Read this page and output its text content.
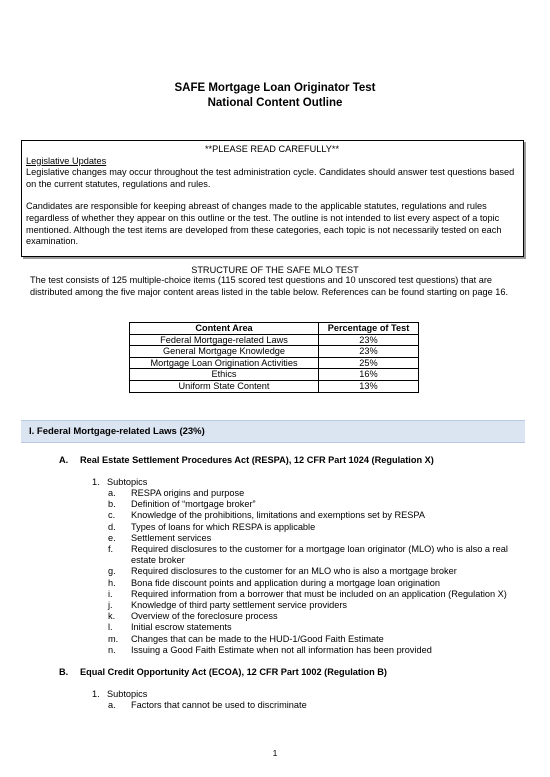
SAFE Mortgage Loan Originator Test
National Content Outline
**PLEASE READ CAREFULLY**
Legislative Updates

Legislative changes may occur throughout the test administration cycle. Candidates should answer test questions based on the current statutes, regulations and rules.

Candidates are responsible for keeping abreast of changes made to the applicable statutes, regulations and rules regardless of whether they appear on this outline or the test. The outline is not intended to list every aspect of a topic mentioned. Although the test items are developed from these categories, each topic is not necessarily tested on each examination.

STRUCTURE OF THE SAFE MLO TEST
The test consists of 125 multiple-choice items (115 scored test questions and 10 unscored test questions) that are distributed among the five major content areas listed in the table below. References can be found starting on page 16.
Content Area	Percentage of Test
Federal Mortgage-related Laws	23%
General Mortgage Knowledge	23%
Mortgage Loan Origination Activities	25%
Ethics	16%
Uniform State Content	13%
I. Federal Mortgage-related Laws (23%)
A. Real Estate Settlement Procedures Act (RESPA), 12 CFR Part 1024 (Regulation X)
1. Subtopics
a. RESPA origins and purpose
b. Definition of “mortgage broker”
c. Knowledge of the prohibitions, limitations and exemptions set by RESPA
d. Types of loans for which RESPA is applicable
e. Settlement services
f. Required disclosures to the customer for a mortgage loan originator (MLO) who is also a real estate broker
g. Required disclosures to the customer for an MLO who is also a mortgage broker
h. Bona fide discount points and application during a mortgage loan origination
i. Required information from a borrower that must be included on an application (Regulation X)
j. Knowledge of third party settlement service providers
k. Overview of the foreclosure process
l. Initial escrow statements
m. Changes that can be made to the HUD-1/Good Faith Estimate
n. Issuing a Good Faith Estimate when not all information has been provided
B. Equal Credit Opportunity Act (ECOA), 12 CFR Part 1002 (Regulation B)
1. Subtopics
a. Factors that cannot be used to discriminate
1
